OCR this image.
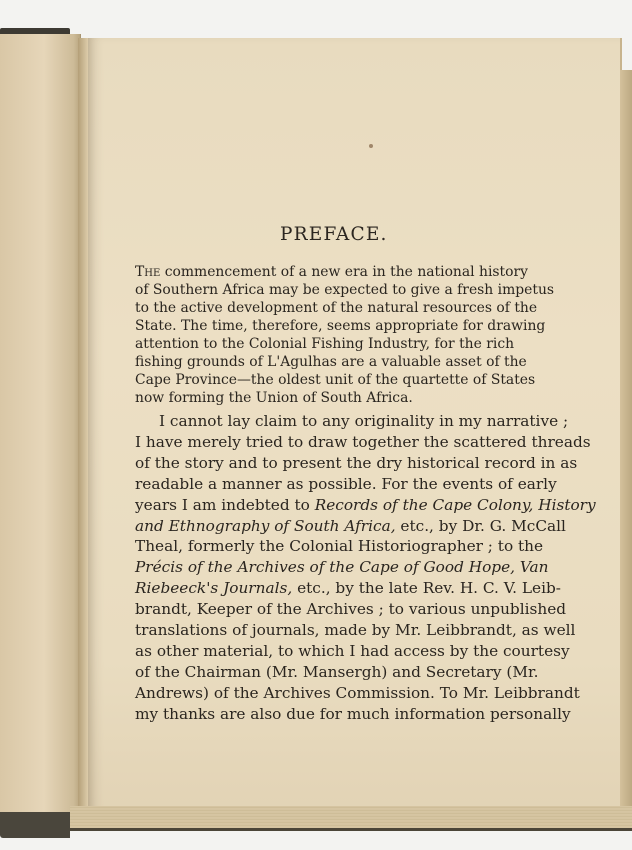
PREFACE.
The commencement of a new era in the national history
of Southern Africa may be expected to give a fresh impetus
to the active development of the natural resources of the
State. The time, therefore, seems appropriate for drawing
attention to the Colonial Fishing Industry, for the rich
fishing grounds of L'Agulhas are a valuable asset of the
Cape Province—the oldest unit of the quartette of States
now forming the Union of South Africa.
I cannot lay claim to any originality in my narrative ;
I have merely tried to draw together the scattered threads
of the story and to present the dry historical record in as
readable a manner as possible. For the events of early
years I am indebted to Records of the Cape Colony, History
and Ethnography of South Africa, etc., by Dr. G. McCall
Theal, formerly the Colonial Historiographer ; to the
Précis of the Archives of the Cape of Good Hope, Van
Riebeeck's Journals, etc., by the late Rev. H. C. V. Leib-
brandt, Keeper of the Archives ; to various unpublished
translations of journals, made by Mr. Leibbrandt, as well
as other material, to which I had access by the courtesy
of the Chairman (Mr. Mansergh) and Secretary (Mr.
Andrews) of the Archives Commission. To Mr. Leibbrandt
my thanks are also due for much information personally
